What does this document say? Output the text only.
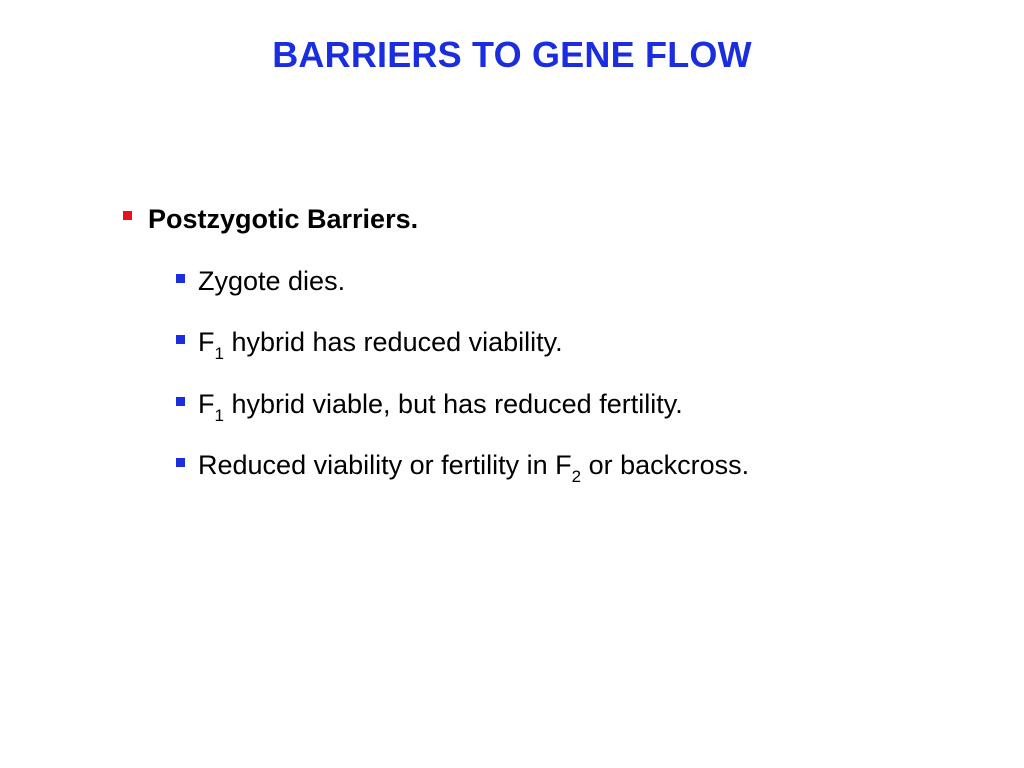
BARRIERS TO GENE FLOW
Postzygotic Barriers.
Zygote dies.
$F_1$ hybrid has reduced viability.
$F_1$ hybrid viable, but has reduced fertility.
Reduced viability or fertility in $F_2$ or backcross.
